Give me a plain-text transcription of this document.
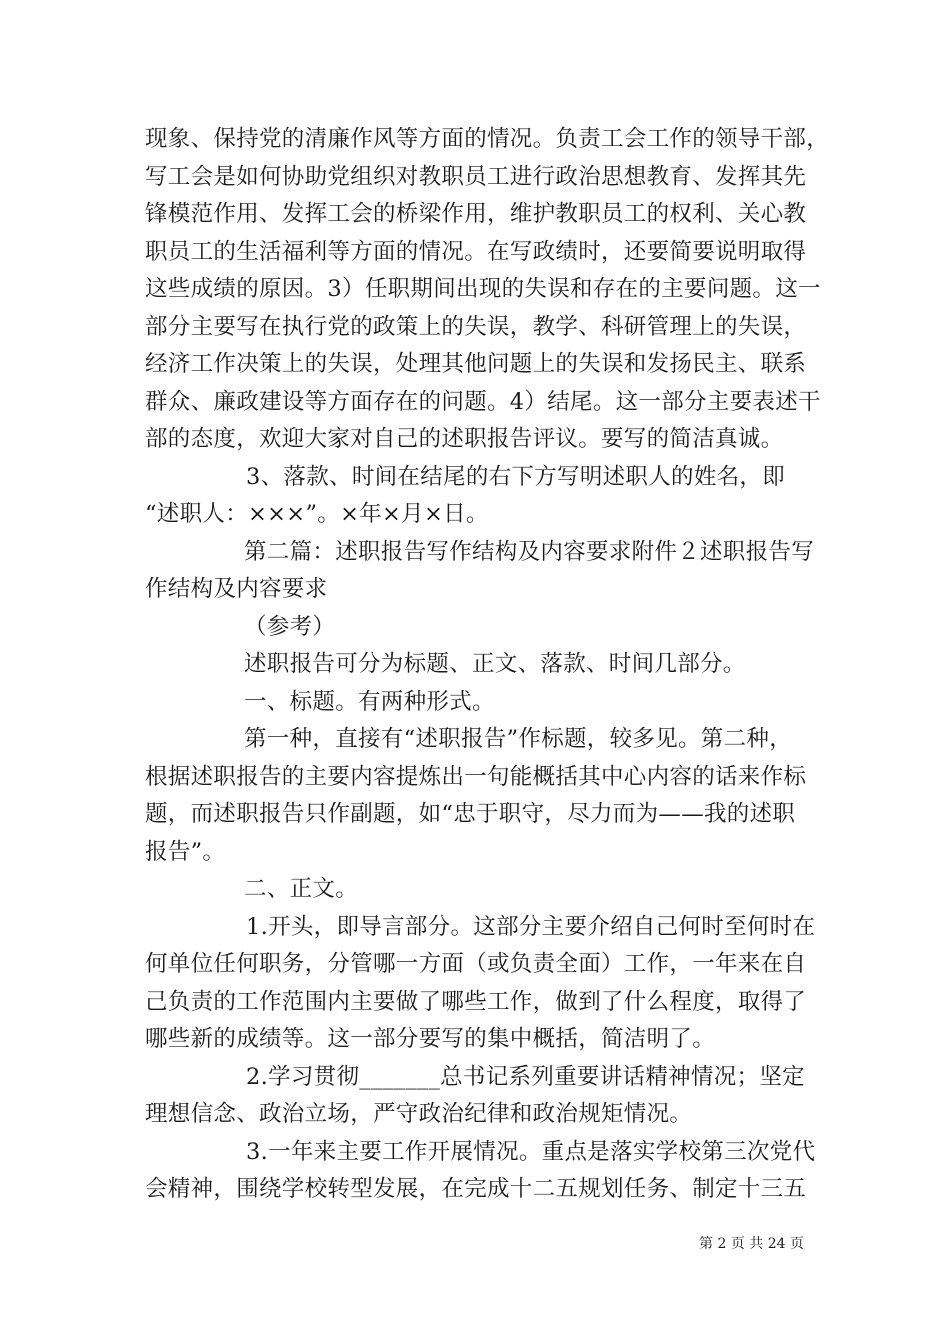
现象、保持党的清廉作风等方面的情况。负责工会工作的领导干部，
写工会是如何协助党组织对教职员工进行政治思想教育、发挥其先
锋模范作用、发挥工会的桥梁作用，维护教职员工的权利、关心教
职员工的生活福利等方面的情况。在写政绩时，还要简要说明取得
这些成绩的原因。3）任职期间出现的失误和存在的主要问题。这一
部分主要写在执行党的政策上的失误，教学、科研管理上的失误，
经济工作决策上的失误，处理其他问题上的失误和发扬民主、联系
群众、廉政建设等方面存在的问题。4）结尾。这一部分主要表述干
部的态度，欢迎大家对自己的述职报告评议。要写的简洁真诚。
3、落款、时间在结尾的右下方写明述职人的姓名，即
“述职人：×××”。×年×月×日。
第二篇：述职报告写作结构及内容要求附件２述职报告写
作结构及内容要求
（参考）
述职报告可分为标题、正文、落款、时间几部分。
一、标题。有两种形式。
第一种，直接有“述职报告”作标题，较多见。第二种，
根据述职报告的主要内容提炼出一句能概括其中心内容的话来作标
题，而述职报告只作副题，如“忠于职守，尽力而为——我的述职
报告”。
二、正文。
1.开头，即导言部分。这部分主要介绍自己何时至何时在
何单位任何职务，分管哪一方面（或负责全面）工作，一年来在自
己负责的工作范围内主要做了哪些工作，做到了什么程度，取得了
哪些新的成绩等。这一部分要写的集中概括，简洁明了。
2.学习贯彻_______总书记系列重要讲话精神情况；坚定
理想信念、政治立场，严守政治纪律和政治规矩情况。
3.一年来主要工作开展情况。重点是落实学校第三次党代
会精神，围绕学校转型发展，在完成十二五规划任务、制定十三五
第 2 页 共 24 页
